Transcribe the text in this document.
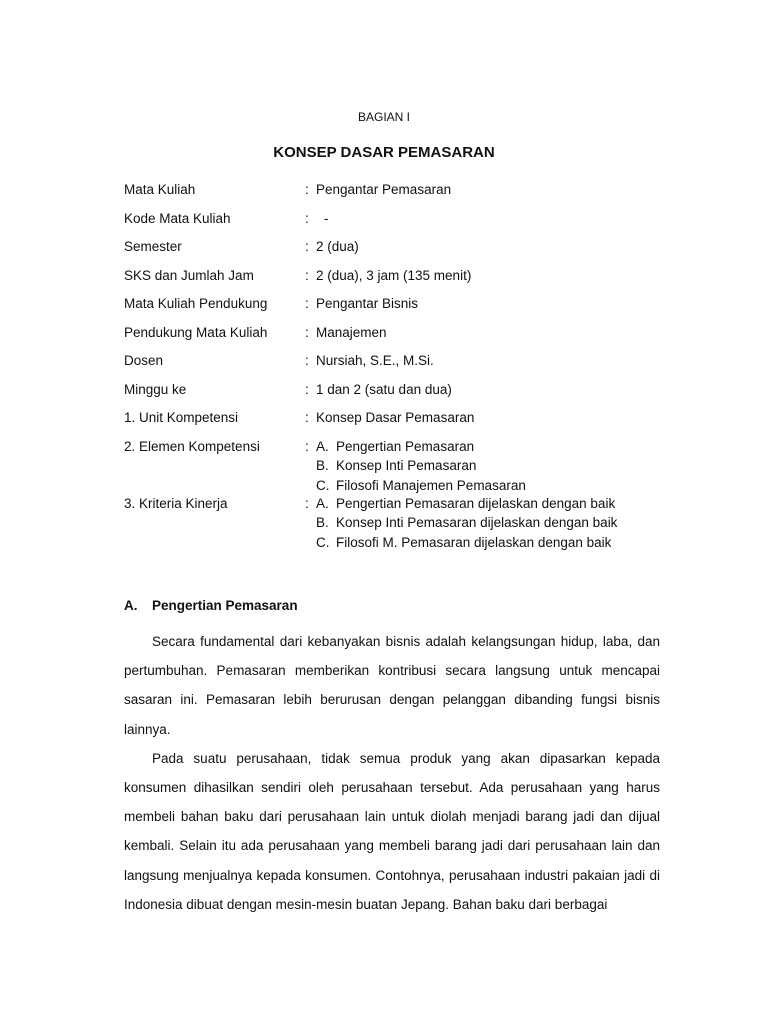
BAGIAN I
KONSEP DASAR PEMASARAN
Mata Kuliah	: Pengantar Pemasaran
Kode Mata Kuliah	: -
Semester	: 2 (dua)
SKS dan Jumlah Jam	: 2 (dua), 3 jam (135 menit)
Mata Kuliah Pendukung	: Pengantar Bisnis
Pendukung Mata Kuliah	: Manajemen
Dosen	: Nursiah, S.E., M.Si.
Minggu ke	: 1 dan 2 (satu dan dua)
1. Unit Kompetensi	: Konsep Dasar Pemasaran
2. Elemen Kompetensi	: A. Pengertian Pemasaran
B. Konsep Inti Pemasaran
C. Filosofi Manajemen Pemasaran
3. Kriteria Kinerja	: A. Pengertian Pemasaran dijelaskan dengan baik
B. Konsep Inti Pemasaran dijelaskan dengan baik
C. Filosofi M. Pemasaran dijelaskan dengan baik
A. Pengertian Pemasaran

Secara fundamental dari kebanyakan bisnis adalah kelangsungan hidup, laba, dan pertumbuhan. Pemasaran memberikan kontribusi secara langsung untuk mencapai sasaran ini. Pemasaran lebih berurusan dengan pelanggan dibanding fungsi bisnis lainnya.

Pada suatu perusahaan, tidak semua produk yang akan dipasarkan kepada konsumen dihasilkan sendiri oleh perusahaan tersebut. Ada perusahaan yang harus membeli bahan baku dari perusahaan lain untuk diolah menjadi barang jadi dan dijual kembali. Selain itu ada perusahaan yang membeli barang jadi dari perusahaan lain dan langsung menjualnya kepada konsumen. Contohnya, perusahaan industri pakaian jadi di Indonesia dibuat dengan mesin-mesin buatan Jepang. Bahan baku dari berbagai
